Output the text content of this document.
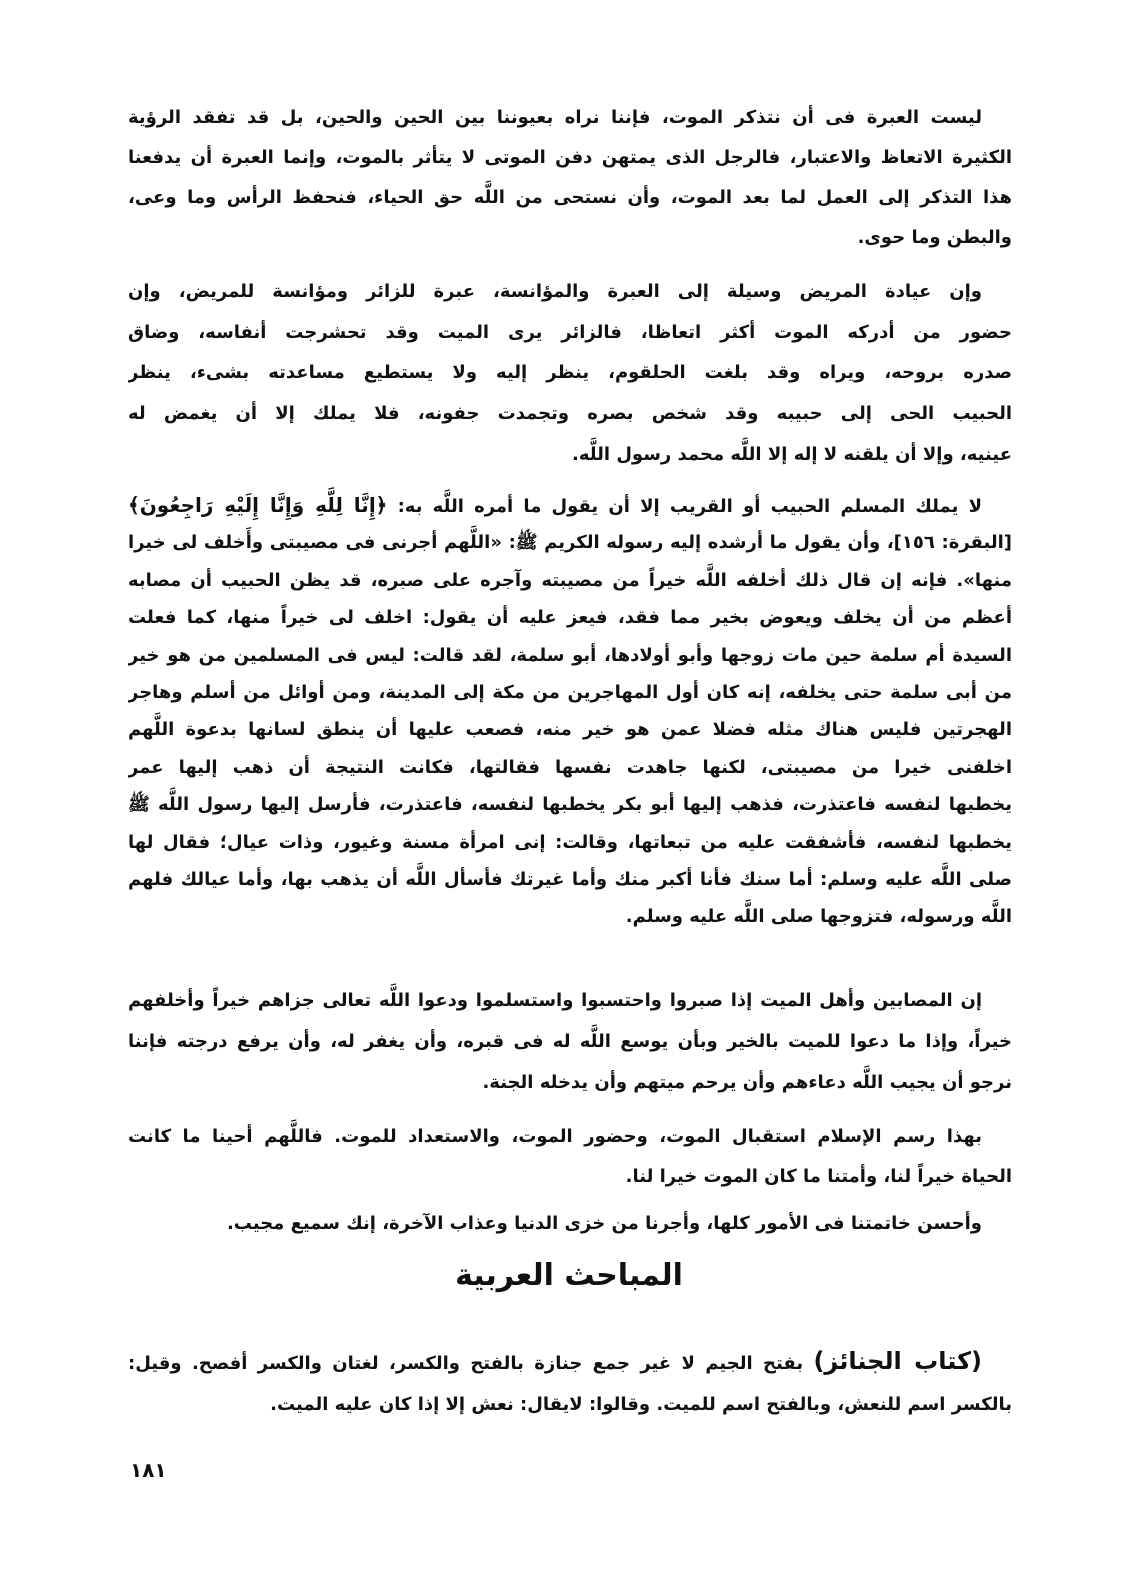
ليست العبرة فى أن نتذكر الموت، فإننا نراه بعيوننا بين الحين والحين، بل قد تفقد الرؤية
الكثيرة الاتعاظ والاعتبار، فالرجل الذى يمتهن دفن الموتى لا يتأثر بالموت، وإنما العبرة أن يدفعنا
هذا التذكر إلى العمل لما بعد الموت، وأن نستحى من اللَّه حق الحياء، فنحفظ الرأس وما وعى،
والبطن وما حوى.
وإن عيادة المريض وسيلة إلى العبرة والمؤانسة، عبرة للزائر ومؤانسة للمريض، وإن
حضور من أدركه الموت أكثر اتعاظا، فالزائر يرى الميت وقد تحشرجت أنفاسه، وضاق
صدره بروحه، ويراه وقد بلغت الحلقوم، ينظر إليه ولا يستطيع مساعدته بشىء، ينظر
الحبيب الحى إلى حبيبه وقد شخص بصره وتجمدت جفونه، فلا يملك إلا أن يغمض له
عينيه، وإلا أن يلقنه لا إله إلا اللَّه محمد رسول اللَّه.
لا يملك المسلم الحبيب أو القريب إلا أن يقول ما أمره اللَّه به: ﴿إِنَّا لِلَّهِ وَإِنَّا إِلَيْهِ رَاجِعُونَ﴾
[البقرة: ١٥٦]، وأن يقول ما أرشده إليه رسوله الكريم ﷺ: «اللَّهم أجرنى فى مصيبتى وأَخلف لى خيرا
منها». فإنه إن قال ذلك أخلفه اللَّه خيراً من مصيبته وآجره على صبره، قد يظن الحبيب أن مصابه
أعظم من أن يخلف ويعوض بخير مما فقد، فيعز عليه أن يقول: اخلف لى خيراً منها، كما فعلت
السيدة أم سلمة حين مات زوجها وأبو أولادها، أبو سلمة، لقد قالت: ليس فى المسلمين من هو خير
من أبى سلمة حتى يخلفه، إنه كان أول المهاجرين من مكة إلى المدينة، ومن أوائل من أسلم وهاجر
الهجرتين فليس هناك مثله فضلا عمن هو خير منه، فصعب عليها أن ينطق لسانها بدعوة اللَّهم
اخلفنى خيرا من مصيبتى، لكنها جاهدت نفسها فقالتها، فكانت النتيجة أن ذهب إليها عمر
يخطبها لنفسه فاعتذرت، فذهب إليها أبو بكر يخطبها لنفسه، فاعتذرت، فأرسل إليها رسول اللَّه ﷺ
يخطبها لنفسه، فأشفقت عليه من تبعاتها، وقالت: إنى امرأة مسنة وغيور، وذات عيال؛ فقال لها
صلى اللَّه عليه وسلم: أما سنك فأنا أكبر منك وأما غيرتك فأسأل اللَّه أن يذهب بها، وأما عيالك فلهم
اللَّه ورسوله، فتزوجها صلى اللَّه عليه وسلم.
إن المصابين وأهل الميت إذا صبروا واحتسبوا واستسلموا ودعوا اللَّه تعالى جزاهم خيراً وأخلفهم
خيراً، وإذا ما دعوا للميت بالخير وبأن يوسع اللَّه له فى قبره، وأن يغفر له، وأن يرفع درجته فإننا
نرجو أن يجيب اللَّه دعاءهم وأن يرحم ميتهم وأن يدخله الجنة.
بهذا رسم الإسلام استقبال الموت، وحضور الموت، والاستعداد للموت. فاللَّهم أحينا ما كانت
الحياة خيراً لنا، وأمتنا ما كان الموت خيرا لنا.
وأحسن خاتمتنا فى الأمور كلها، وأجرنا من خزى الدنيا وعذاب الآخرة، إنك سميع مجيب.
المباحث العربية
(كتاب الجنائز) بفتح الجيم لا غير جمع جنازة بالفتح والكسر، لغتان والكسر أفصح. وقيل:
بالكسر اسم للنعش، وبالفتح اسم للميت. وقالوا: لايقال: نعش إلا إذا كان عليه الميت.
١٨١
